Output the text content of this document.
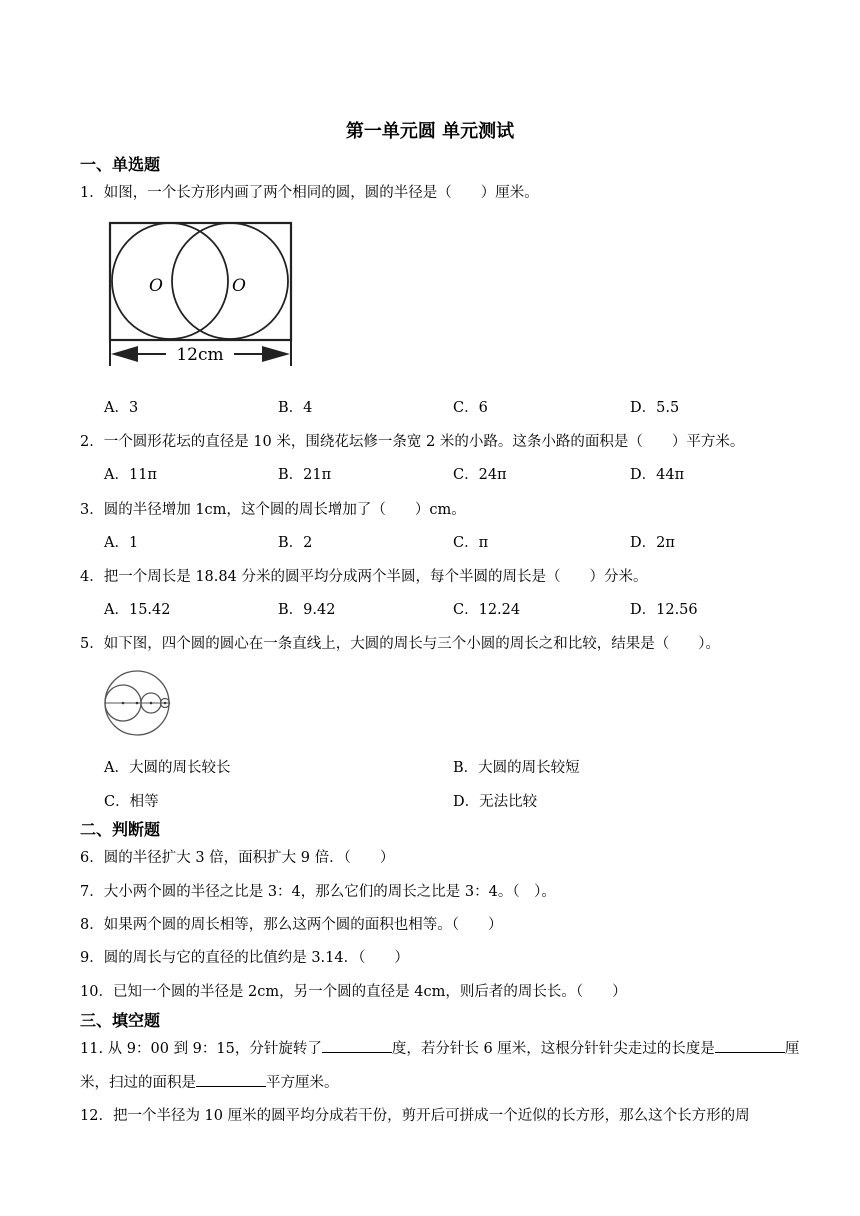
第一单元圆 单元测试
一、单选题
1．如图，一个长方形内画了两个相同的圆，圆的半径是（　　）厘米。
O	O
12cm
A．3	B．4	C．6	D．5.5
2．一个圆形花坛的直径是 10 米，围绕花坛修一条宽 2 米的小路。这条小路的面积是（　　）平方米。
A．11π	B．21π	C．24π	D．44π
3．圆的半径增加 1cm，这个圆的周长增加了（　　）cm。
A．1	B．2	C．π	D．2π
4．把一个周长是 18.84 分米的圆平均分成两个半圆，每个半圆的周长是（　　）分米。
A．15.42	B．9.42	C．12.24	D．12.56
5．如下图，四个圆的圆心在一条直线上，大圆的周长与三个小圆的周长之和比较，结果是（　　）。
A．大圆的周长较长	B．大圆的周长较短
C．相等	D．无法比较
二、判断题
6．圆的半径扩大 3 倍，面积扩大 9 倍．（　　）
7．大小两个圆的半径之比是 3：4，那么它们的周长之比是 3：4。（　）。
8．如果两个圆的周长相等，那么这两个圆的面积也相等。（　　）
9．圆的周长与它的直径的比值约是 3.14．（　　）
10．已知一个圆的半径是 2cm，另一个圆的直径是 4cm，则后者的周长长。（　　）
三、填空题
11. 从 9：00 到 9：15，分针旋转了	度，若分针长 6 厘米，这根分针针尖走过的长度是	厘
米，扫过的面积是	平方厘米。
12．把一个半径为 10 厘米的圆平均分成若干份，剪开后可拼成一个近似的长方形，那么这个长方形的周
